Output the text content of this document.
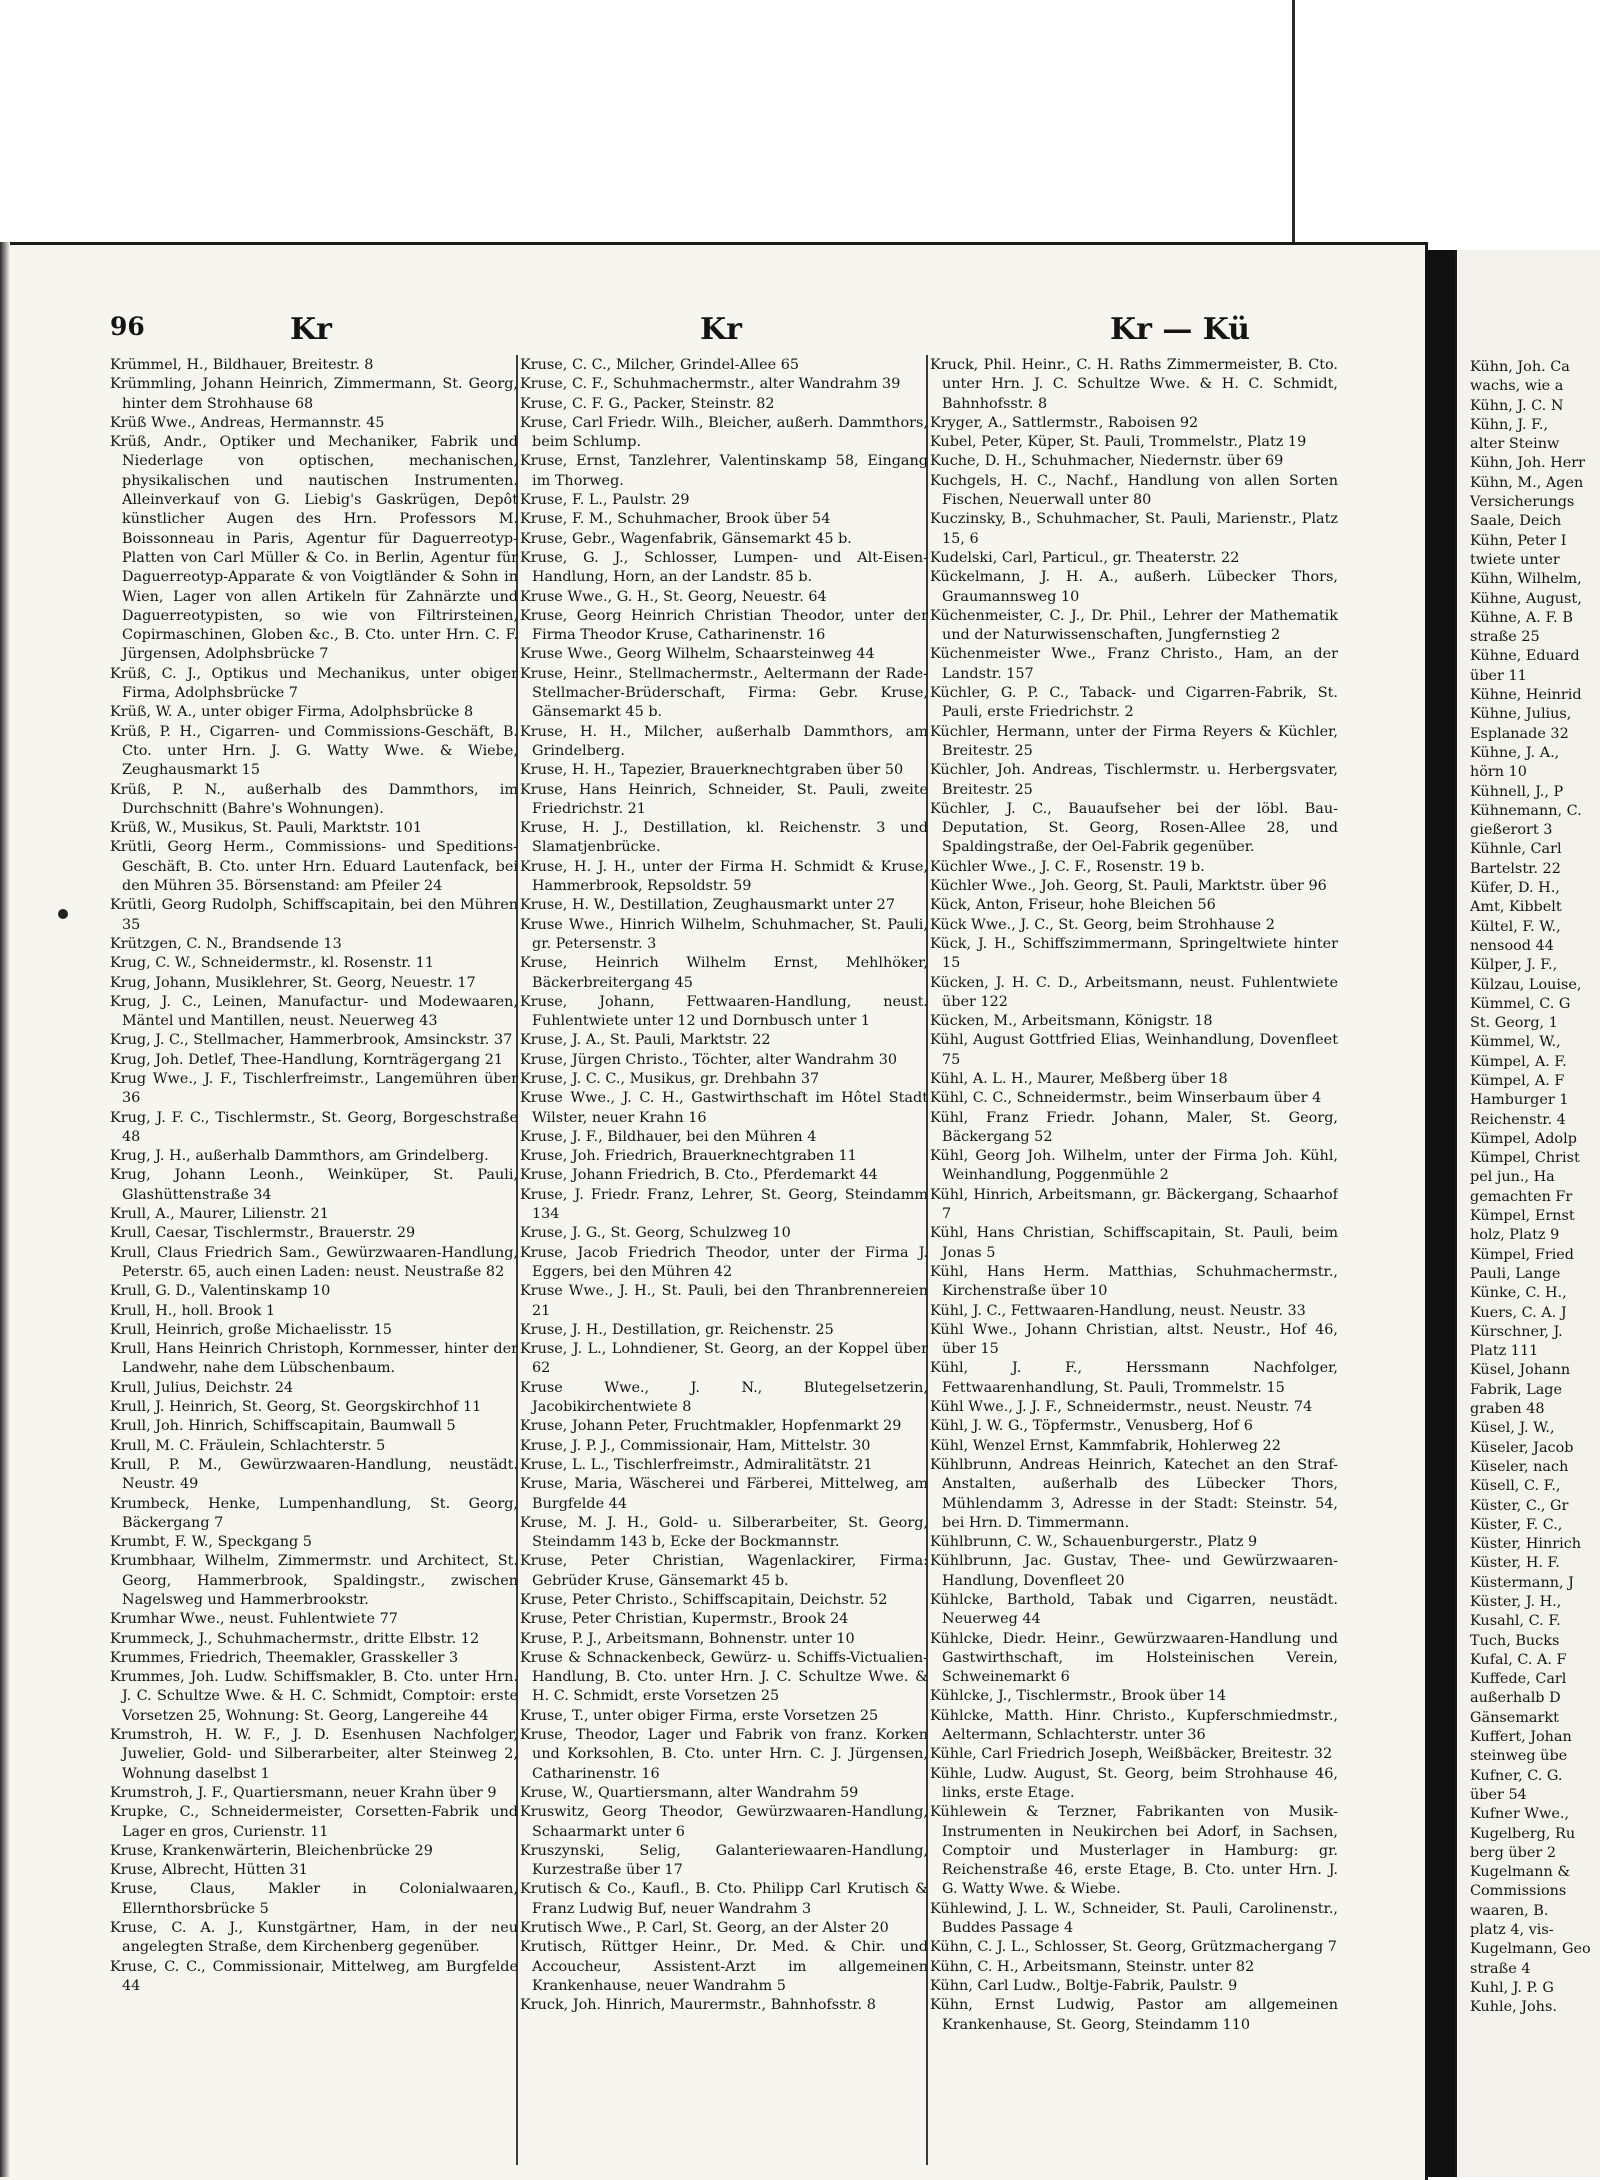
Kühn, Joh. Ca
wachs, wie a
Kühn, J. C. N
Kühn, J. F.,
alter Steinw
Kühn, Joh. Herr
Kühn, M., Agen
Versicherungs
Saale, Deich
Kühn, Peter I
twiete unter
Kühn, Wilhelm,
Kühne, August,
Kühne, A. F. B
straße 25
Kühne, Eduard
über 11
Kühne, Heinrid
Kühne, Julius,
Esplanade 32
Kühne, J. A.,
hörn 10
Kühnell, J., P
Kühnemann, C.
gießerort 3
Kühnle, Carl
Bartelstr. 22
Küfer, D. H.,
Amt, Kibbelt
Kültel, F. W.,
nensood 44
Külper, J. F.,
Külzau, Louise,
Kümmel, C. G
St. Georg, 1
Kümmel, W.,
Kümpel, A. F.
Kümpel, A. F
Hamburger 1
Reichenstr. 4
Kümpel, Adolp
Kümpel, Christ
pel jun., Ha
gemachten Fr
Kümpel, Ernst
holz, Platz 9
Kümpel, Fried
Pauli, Lange
Künke, C. H.,
Kuers, C. A. J
Kürschner, J.
Platz 111
Küsel, Johann
Fabrik, Lage
graben 48
Küsel, J. W.,
Küseler, Jacob
Küseler, nach
Küsell, C. F.,
Küster, C., Gr
Küster, F. C.,
Küster, Hinrich
Küster, H. F.
Küstermann, J
Küster, J. H.,
Kusahl, C. F.
Tuch, Bucks
Kufal, C. A. F
Kuffede, Carl
außerhalb D
Gänsemarkt
Kuffert, Johan
steinweg übe
Kufner, C. G.
über 54
Kufner Wwe.,
Kugelberg, Ru
berg über 2
Kugelmann &
Commissions
waaren, B.
platz 4, vis-
Kugelmann, Geo
straße 4
Kuhl, J. P. G
Kuhle, Johs.
96	Kr	Kr	Kr — Kü

Krümmel, H., Bildhauer, Breitestr. 8

Krümmling, Johann Heinrich, Zimmermann, St. Georg, hinter dem Strohhause 68

Krüß Wwe., Andreas, Hermannstr. 45

Krüß, Andr., Optiker und Mechaniker, Fabrik und Niederlage von optischen, mechanischen, physikalischen und nautischen Instrumenten. Alleinverkauf von G. Liebig's Gaskrügen, Depôt künstlicher Augen des Hrn. Professors M. Boissonneau in Paris, Agentur für Daguerreotyp-Platten von Carl Müller & Co. in Berlin, Agentur für Daguerreotyp-Apparate & von Voigtländer & Sohn in Wien, Lager von allen Artikeln für Zahnärzte und Daguerreotypisten, so wie von Filtrirsteinen, Copirmaschinen, Globen &c., B. Cto. unter Hrn. C. F. Jürgensen, Adolphsbrücke 7

Krüß, C. J., Optikus und Mechanikus, unter obiger Firma, Adolphsbrücke 7

Krüß, W. A., unter obiger Firma, Adolphsbrücke 8

Krüß, P. H., Cigarren- und Commissions-Geschäft, B. Cto. unter Hrn. J. G. Watty Wwe. & Wiebe, Zeughausmarkt 15

Krüß, P. N., außerhalb des Dammthors, im Durchschnitt (Bahre's Wohnungen).

Krüß, W., Musikus, St. Pauli, Marktstr. 101

Krütli, Georg Herm., Commissions- und Speditions-Geschäft, B. Cto. unter Hrn. Eduard Lautenfack, bei den Mühren 35. Börsenstand: am Pfeiler 24

Krütli, Georg Rudolph, Schiffscapitain, bei den Mühren 35

Krützgen, C. N., Brandsende 13

Krug, C. W., Schneidermstr., kl. Rosenstr. 11

Krug, Johann, Musiklehrer, St. Georg, Neuestr. 17

Krug, J. C., Leinen, Manufactur- und Modewaaren, Mäntel und Mantillen, neust. Neuerweg 43

Krug, J. C., Stellmacher, Hammerbrook, Amsinckstr. 37

Krug, Joh. Detlef, Thee-Handlung, Kornträgergang 21

Krug Wwe., J. F., Tischlerfreimstr., Langemühren über 36

Krug, J. F. C., Tischlermstr., St. Georg, Borgeschstraße 48

Krug, J. H., außerhalb Dammthors, am Grindelberg.

Krug, Johann Leonh., Weinküper, St. Pauli, Glashüttenstraße 34

Krull, A., Maurer, Lilienstr. 21

Krull, Caesar, Tischlermstr., Brauerstr. 29

Krull, Claus Friedrich Sam., Gewürzwaaren-Handlung, Peterstr. 65, auch einen Laden: neust. Neustraße 82

Krull, G. D., Valentinskamp 10

Krull, H., holl. Brook 1

Krull, Heinrich, große Michaelisstr. 15

Krull, Hans Heinrich Christoph, Kornmesser, hinter der Landwehr, nahe dem Lübschenbaum.

Krull, Julius, Deichstr. 24

Krull, J. Heinrich, St. Georg, St. Georgskirchhof 11

Krull, Joh. Hinrich, Schiffscapitain, Baumwall 5

Krull, M. C. Fräulein, Schlachterstr. 5

Krull, P. M., Gewürzwaaren-Handlung, neustädt. Neustr. 49

Krumbeck, Henke, Lumpenhandlung, St. Georg, Bäckergang 7

Krumbt, F. W., Speckgang 5

Krumbhaar, Wilhelm, Zimmermstr. und Architect, St. Georg, Hammerbrook, Spaldingstr., zwischen Nagelsweg und Hammerbrookstr.

Krumhar Wwe., neust. Fuhlentwiete 77

Krummeck, J., Schuhmachermstr., dritte Elbstr. 12

Krummes, Friedrich, Theemakler, Grasskeller 3

Krummes, Joh. Ludw. Schiffsmakler, B. Cto. unter Hrn. J. C. Schultze Wwe. & H. C. Schmidt, Comptoir: erste Vorsetzen 25, Wohnung: St. Georg, Langereihe 44

Krumstroh, H. W. F., J. D. Esenhusen Nachfolger, Juwelier, Gold- und Silberarbeiter, alter Steinweg 2, Wohnung daselbst 1

Krumstroh, J. F., Quartiersmann, neuer Krahn über 9

Krupke, C., Schneidermeister, Corsetten-Fabrik und Lager en gros, Curienstr. 11

Kruse, Krankenwärterin, Bleichenbrücke 29

Kruse, Albrecht, Hütten 31

Kruse, Claus, Makler in Colonialwaaren, Ellernthorsbrücke 5

Kruse, C. A. J., Kunstgärtner, Ham, in der neu angelegten Straße, dem Kirchenberg gegenüber.

Kruse, C. C., Commissionair, Mittelweg, am Burgfelde 44

Kruse, C. C., Milcher, Grindel-Allee 65

Kruse, C. F., Schuhmachermstr., alter Wandrahm 39

Kruse, C. F. G., Packer, Steinstr. 82

Kruse, Carl Friedr. Wilh., Bleicher, außerh. Dammthors, beim Schlump.

Kruse, Ernst, Tanzlehrer, Valentinskamp 58, Eingang im Thorweg.

Kruse, F. L., Paulstr. 29

Kruse, F. M., Schuhmacher, Brook über 54

Kruse, Gebr., Wagenfabrik, Gänsemarkt 45 b.

Kruse, G. J., Schlosser, Lumpen- und Alt-Eisen-Handlung, Horn, an der Landstr. 85 b.

Kruse Wwe., G. H., St. Georg, Neuestr. 64

Kruse, Georg Heinrich Christian Theodor, unter der Firma Theodor Kruse, Catharinenstr. 16

Kruse Wwe., Georg Wilhelm, Schaarsteinweg 44

Kruse, Heinr., Stellmachermstr., Aeltermann der Rade-Stellmacher-Brüderschaft, Firma: Gebr. Kruse, Gänsemarkt 45 b.

Kruse, H. H., Milcher, außerhalb Dammthors, am Grindelberg.

Kruse, H. H., Tapezier, Brauerknechtgraben über 50

Kruse, Hans Heinrich, Schneider, St. Pauli, zweite Friedrichstr. 21

Kruse, H. J., Destillation, kl. Reichenstr. 3 und Slamatjenbrücke.

Kruse, H. J. H., unter der Firma H. Schmidt & Kruse, Hammerbrook, Repsoldstr. 59

Kruse, H. W., Destillation, Zeughausmarkt unter 27

Kruse Wwe., Hinrich Wilhelm, Schuhmacher, St. Pauli, gr. Petersenstr. 3

Kruse, Heinrich Wilhelm Ernst, Mehlhöker, Bäckerbreitergang 45

Kruse, Johann, Fettwaaren-Handlung, neust. Fuhlentwiete unter 12 und Dornbusch unter 1

Kruse, J. A., St. Pauli, Marktstr. 22

Kruse, Jürgen Christo., Töchter, alter Wandrahm 30

Kruse, J. C. C., Musikus, gr. Drehbahn 37

Kruse Wwe., J. C. H., Gastwirthschaft im Hôtel Stadt Wilster, neuer Krahn 16

Kruse, J. F., Bildhauer, bei den Mühren 4

Kruse, Joh. Friedrich, Brauerknechtgraben 11

Kruse, Johann Friedrich, B. Cto., Pferdemarkt 44

Kruse, J. Friedr. Franz, Lehrer, St. Georg, Steindamm 134

Kruse, J. G., St. Georg, Schulzweg 10

Kruse, Jacob Friedrich Theodor, unter der Firma J. Eggers, bei den Mühren 42

Kruse Wwe., J. H., St. Pauli, bei den Thranbrennereien 21

Kruse, J. H., Destillation, gr. Reichenstr. 25

Kruse, J. L., Lohndiener, St. Georg, an der Koppel über 62

Kruse Wwe., J. N., Blutegelsetzerin, Jacobikirchentwiete 8

Kruse, Johann Peter, Fruchtmakler, Hopfenmarkt 29

Kruse, J. P. J., Commissionair, Ham, Mittelstr. 30

Kruse, L. L., Tischlerfreimstr., Admiralitätstr. 21

Kruse, Maria, Wäscherei und Färberei, Mittelweg, am Burgfelde 44

Kruse, M. J. H., Gold- u. Silberarbeiter, St. Georg, Steindamm 143 b, Ecke der Bockmannstr.

Kruse, Peter Christian, Wagenlackirer, Firma: Gebrüder Kruse, Gänsemarkt 45 b.

Kruse, Peter Christo., Schiffscapitain, Deichstr. 52

Kruse, Peter Christian, Kupermstr., Brook 24

Kruse, P. J., Arbeitsmann, Bohnenstr. unter 10

Kruse & Schnackenbeck, Gewürz- u. Schiffs-Victualien-Handlung, B. Cto. unter Hrn. J. C. Schultze Wwe. & H. C. Schmidt, erste Vorsetzen 25

Kruse, T., unter obiger Firma, erste Vorsetzen 25

Kruse, Theodor, Lager und Fabrik von franz. Korken und Korksohlen, B. Cto. unter Hrn. C. J. Jürgensen, Catharinenstr. 16

Kruse, W., Quartiersmann, alter Wandrahm 59

Kruswitz, Georg Theodor, Gewürzwaaren-Handlung, Schaarmarkt unter 6

Kruszynski, Selig, Galanteriewaaren-Handlung, Kurzestraße über 17

Krutisch & Co., Kaufl., B. Cto. Philipp Carl Krutisch & Franz Ludwig Buf, neuer Wandrahm 3

Krutisch Wwe., P. Carl, St. Georg, an der Alster 20

Krutisch, Rüttger Heinr., Dr. Med. & Chir. und Accoucheur, Assistent-Arzt im allgemeinen Krankenhause, neuer Wandrahm 5

Kruck, Joh. Hinrich, Maurermstr., Bahnhofsstr. 8

Kruck, Phil. Heinr., C. H. Raths Zimmermeister, B. Cto. unter Hrn. J. C. Schultze Wwe. & H. C. Schmidt, Bahnhofsstr. 8

Kryger, A., Sattlermstr., Raboisen 92

Kubel, Peter, Küper, St. Pauli, Trommelstr., Platz 19

Kuche, D. H., Schuhmacher, Niedernstr. über 69

Kuchgels, H. C., Nachf., Handlung von allen Sorten Fischen, Neuerwall unter 80

Kuczinsky, B., Schuhmacher, St. Pauli, Marienstr., Platz 15, 6

Kudelski, Carl, Particul., gr. Theaterstr. 22

Kückelmann, J. H. A., außerh. Lübecker Thors, Graumannsweg 10

Küchenmeister, C. J., Dr. Phil., Lehrer der Mathematik und der Naturwissenschaften, Jungfernstieg 2

Küchenmeister Wwe., Franz Christo., Ham, an der Landstr. 157

Küchler, G. P. C., Taback- und Cigarren-Fabrik, St. Pauli, erste Friedrichstr. 2

Küchler, Hermann, unter der Firma Reyers & Küchler, Breitestr. 25

Küchler, Joh. Andreas, Tischlermstr. u. Herbergsvater, Breitestr. 25

Küchler, J. C., Bauaufseher bei der löbl. Bau-Deputation, St. Georg, Rosen-Allee 28, und Spaldingstraße, der Oel-Fabrik gegenüber.

Küchler Wwe., J. C. F., Rosenstr. 19 b.

Küchler Wwe., Joh. Georg, St. Pauli, Marktstr. über 96

Kück, Anton, Friseur, hohe Bleichen 56

Kück Wwe., J. C., St. Georg, beim Strohhause 2

Kück, J. H., Schiffszimmermann, Springeltwiete hinter 15

Kücken, J. H. C. D., Arbeitsmann, neust. Fuhlentwiete über 122

Kücken, M., Arbeitsmann, Königstr. 18

Kühl, August Gottfried Elias, Weinhandlung, Dovenfleet 75

Kühl, A. L. H., Maurer, Meßberg über 18

Kühl, C. C., Schneidermstr., beim Winserbaum über 4

Kühl, Franz Friedr. Johann, Maler, St. Georg, Bäckergang 52

Kühl, Georg Joh. Wilhelm, unter der Firma Joh. Kühl, Weinhandlung, Poggenmühle 2

Kühl, Hinrich, Arbeitsmann, gr. Bäckergang, Schaarhof 7

Kühl, Hans Christian, Schiffscapitain, St. Pauli, beim Jonas 5

Kühl, Hans Herm. Matthias, Schuhmachermstr., Kirchenstraße über 10

Kühl, J. C., Fettwaaren-Handlung, neust. Neustr. 33

Kühl Wwe., Johann Christian, altst. Neustr., Hof 46, über 15

Kühl, J. F., Herssmann Nachfolger, Fettwaarenhandlung, St. Pauli, Trommelstr. 15

Kühl Wwe., J. J. F., Schneidermstr., neust. Neustr. 74

Kühl, J. W. G., Töpfermstr., Venusberg, Hof 6

Kühl, Wenzel Ernst, Kammfabrik, Hohlerweg 22

Kühlbrunn, Andreas Heinrich, Katechet an den Straf-Anstalten, außerhalb des Lübecker Thors, Mühlendamm 3, Adresse in der Stadt: Steinstr. 54, bei Hrn. D. Timmermann.

Kühlbrunn, C. W., Schauenburgerstr., Platz 9

Kühlbrunn, Jac. Gustav, Thee- und Gewürzwaaren-Handlung, Dovenfleet 20

Kühlcke, Barthold, Tabak und Cigarren, neustädt. Neuerweg 44

Kühlcke, Diedr. Heinr., Gewürzwaaren-Handlung und Gastwirthschaft, im Holsteinischen Verein, Schweinemarkt 6

Kühlcke, J., Tischlermstr., Brook über 14

Kühlcke, Matth. Hinr. Christo., Kupferschmiedmstr., Aeltermann, Schlachterstr. unter 36

Kühle, Carl Friedrich Joseph, Weißbäcker, Breitestr. 32

Kühle, Ludw. August, St. Georg, beim Strohhause 46, links, erste Etage.

Kühlewein & Terzner, Fabrikanten von Musik-Instrumenten in Neukirchen bei Adorf, in Sachsen, Comptoir und Musterlager in Hamburg: gr. Reichenstraße 46, erste Etage, B. Cto. unter Hrn. J. G. Watty Wwe. & Wiebe.

Kühlewind, J. L. W., Schneider, St. Pauli, Carolinenstr., Buddes Passage 4

Kühn, C. J. L., Schlosser, St. Georg, Grützmachergang 7

Kühn, C. H., Arbeitsmann, Steinstr. unter 82

Kühn, Carl Ludw., Boltje-Fabrik, Paulstr. 9

Kühn, Ernst Ludwig, Pastor am allgemeinen Krankenhause, St. Georg, Steindamm 110
